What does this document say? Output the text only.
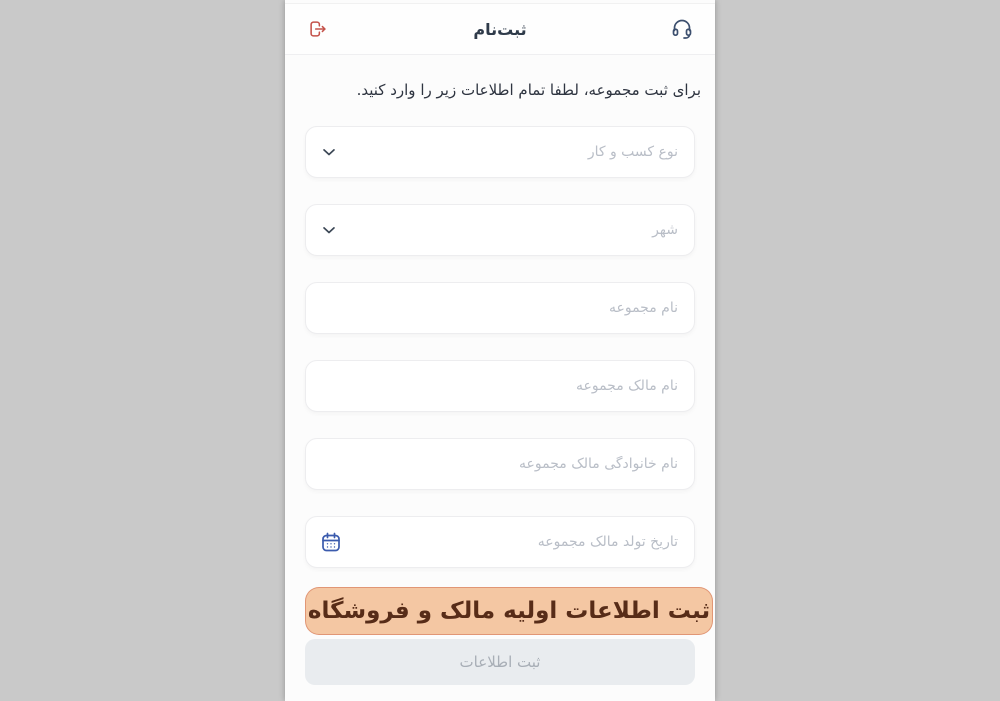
ثبت‌نام
برای ثبت مجموعه، لطفا تمام اطلاعات زیر را وارد کنید.
نوع کسب و کار
شهر
نام مجموعه
نام مالک مجموعه
نام خانوادگی مالک مجموعه
تاریخ تولد مالک مجموعه
ثبت اطلاعات اولیه مالک و فروشگاه
ثبت اطلاعات
